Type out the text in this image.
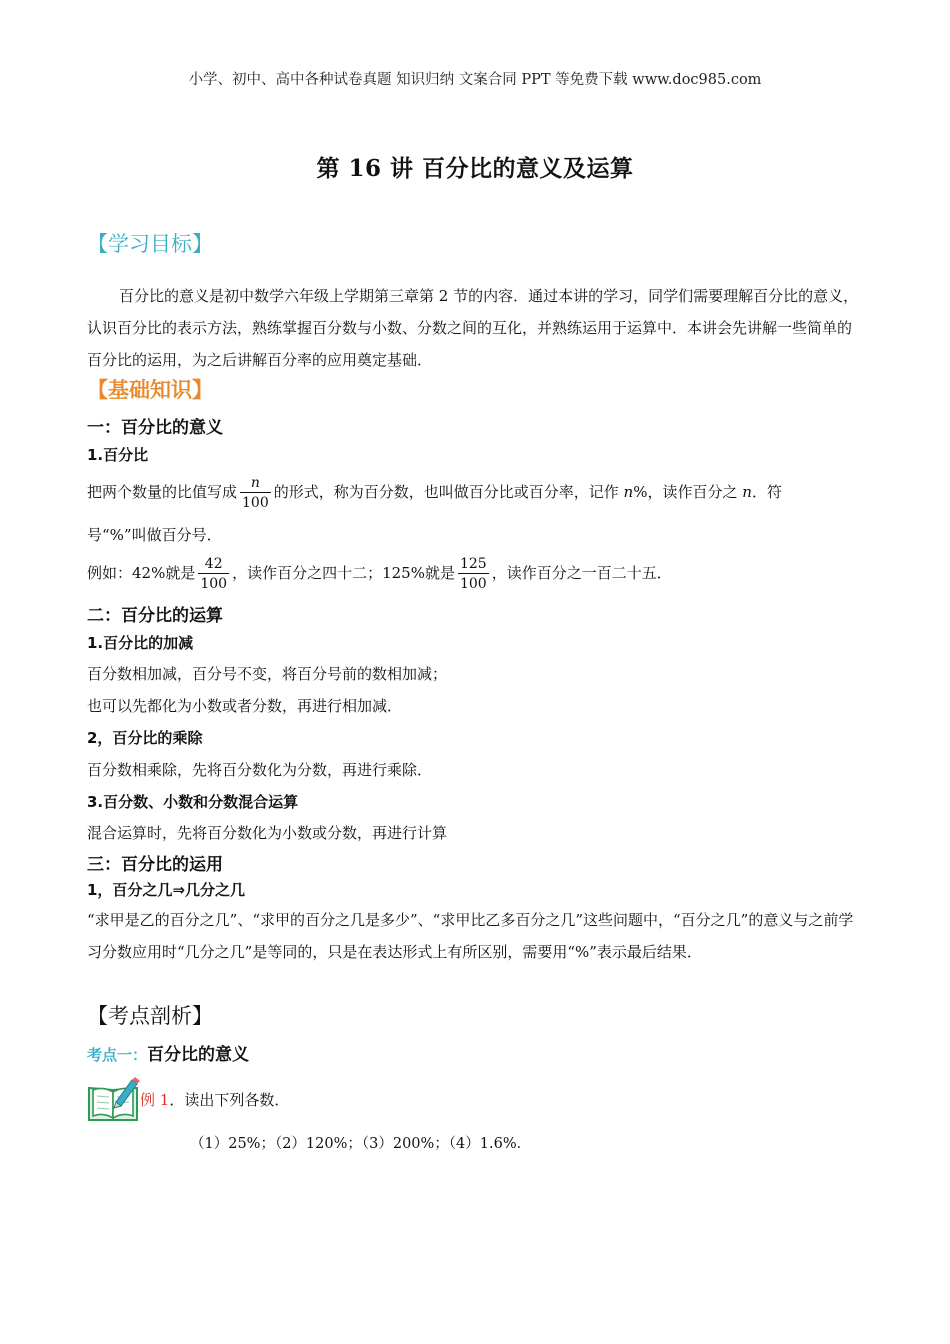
小学、初中、高中各种试卷真题 知识归纳 文案合同 PPT 等免费下载 www.doc985.com
第 16 讲 百分比的意义及运算
【学习目标】
百分比的意义是初中数学六年级上学期第三章第 2 节的内容．通过本讲的学习，同学们需要理解百分比的意义，认识百分比的表示方法，熟练掌握百分数与小数、分数之间的互化，并熟练运用于运算中．本讲会先讲解一些简单的百分比的运用，为之后讲解百分率的应用奠定基础．
【基础知识】
一：百分比的意义
1.百分比
把两个数量的比值写成 $\frac{n}{100}$ 的形式，称为百分数，也叫做百分比或百分率，记作 n%，读作百分之 n．符
号“%”叫做百分号．
例如：42%就是 $\frac{42}{100}$ ，读作百分之四十二；125%就是 $\frac{125}{100}$ ，读作百分之一百二十五．
二：百分比的运算
1.百分比的加减
百分数相加减，百分号不变，将百分号前的数相加减；
也可以先都化为小数或者分数，再进行相加减．
2，百分比的乘除
百分数相乘除，先将百分数化为分数，再进行乘除．
3.百分数、小数和分数混合运算
混合运算时，先将百分数化为小数或分数，再进行计算
三：百分比的运用
1，百分之几⇒几分之几
“求甲是乙的百分之几”、“求甲的百分之几是多少”、“求甲比乙多百分之几”这些问题中，“百分之几”的意义与之前学习分数应用时“几分之几”是等同的，只是在表达形式上有所区别，需要用“%”表示最后结果．
【考点剖析】
考点一：百分比的意义
例 1．读出下列各数．
（1）25%；（2）120%；（3）200%；（4）1.6%．
